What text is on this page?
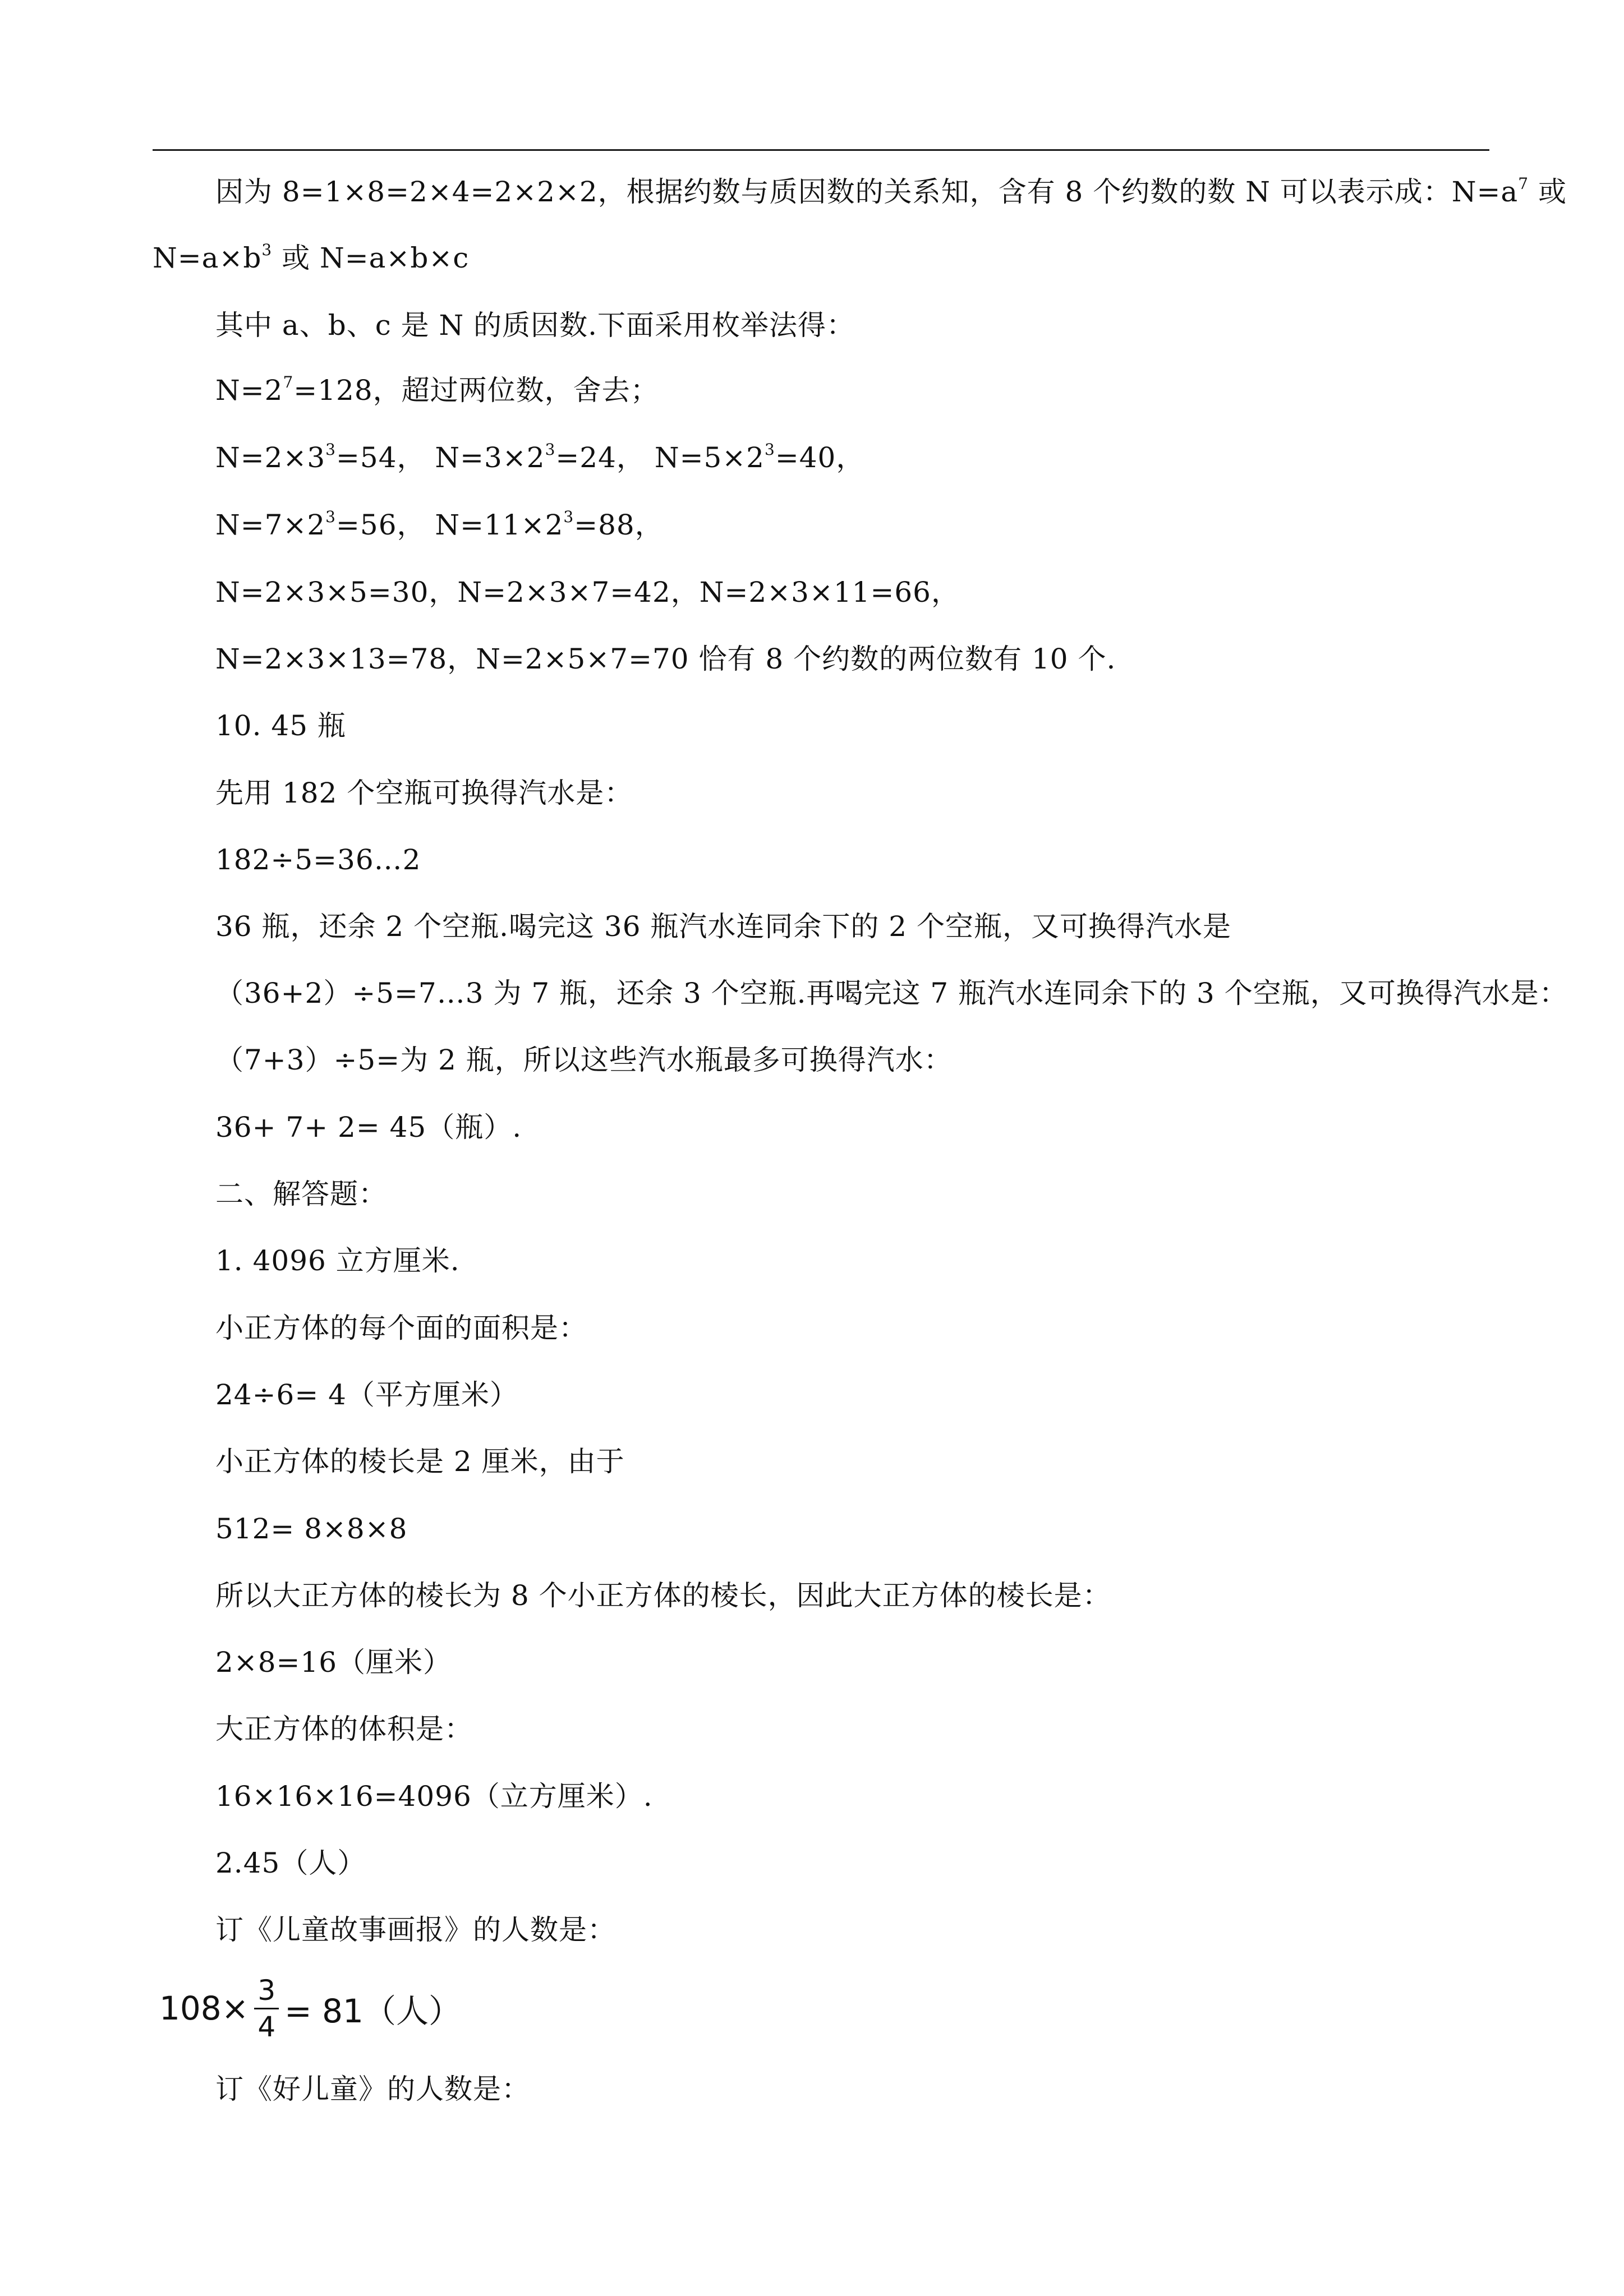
因为 8=1×8=2×4=2×2×2，根据约数与质因数的关系知，含有 8 个约数的数 N 可以表示成：$N=a^7$ 或
$N=a\times b^3$ 或 N=a×b×c
其中 a、b、c 是 N 的质因数.下面采用枚举法得：
$N=2^7=128$，超过两位数，舍去；
$N=2\times 3^3=54$， $N=3\times 2^3=24$， $N=5\times 2^3=40$，
$N=7\times 2^3=56$， $N=11\times 2^3=88$，
N=2×3×5=30，N=2×3×7=42，N=2×3×11=66，
N=2×3×13=78，N=2×5×7=70 恰有 8 个约数的两位数有 10 个.
10. 45 瓶
先用 182 个空瓶可换得汽水是：
182÷5=36…2
36 瓶，还余 2 个空瓶.喝完这 36 瓶汽水连同余下的 2 个空瓶，又可换得汽水是
（36+2）÷5=7…3 为 7 瓶，还余 3 个空瓶.再喝完这 7 瓶汽水连同余下的 3 个空瓶，又可换得汽水是：
（7+3）÷5=为 2 瓶，所以这些汽水瓶最多可换得汽水：
36+ 7+ 2= 45（瓶）.
二、解答题：
1. 4096 立方厘米.
小正方体的每个面的面积是：
24÷6= 4（平方厘米）
小正方体的棱长是 2 厘米，由于
512= 8×8×8
所以大正方体的棱长为 8 个小正方体的棱长，因此大正方体的棱长是：
2×8=16（厘米）
大正方体的体积是：
16×16×16=4096（立方厘米）.
2.45（人）
订《儿童故事画报》的人数是：
$108\times \frac{3}{4} = 81$（人）
订《好儿童》的人数是：
